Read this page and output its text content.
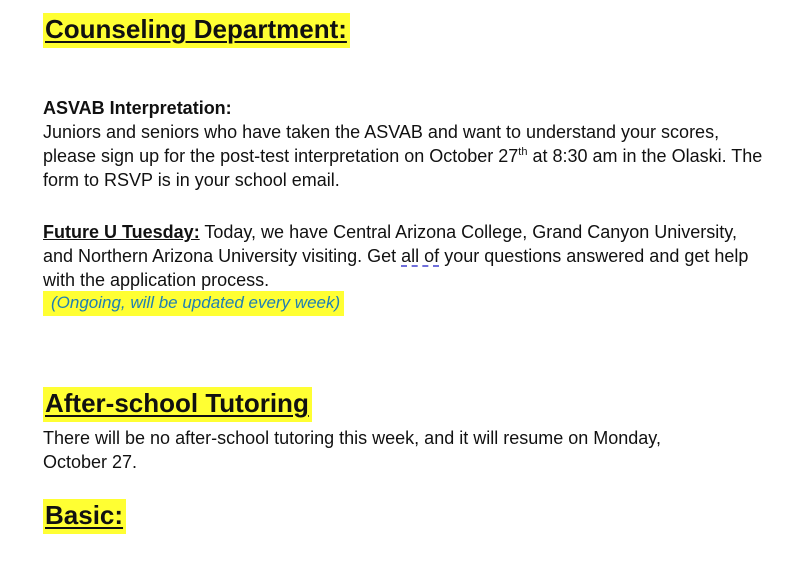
Counseling Department:

ASVAB Interpretation:
Juniors and seniors who have taken the ASVAB and want to understand your scores, please sign up for the post-test interpretation on October 27th at 8:30 am in the Olaski. The form to RSVP is in your school email.

Future U Tuesday: Today, we have Central Arizona College, Grand Canyon University, and Northern Arizona University visiting. Get all of your questions answered and get help with the application process.

(Ongoing, will be updated every week)
After-school Tutoring

There will be no after-school tutoring this week, and it will resume on Monday, October 27.

Basic:
